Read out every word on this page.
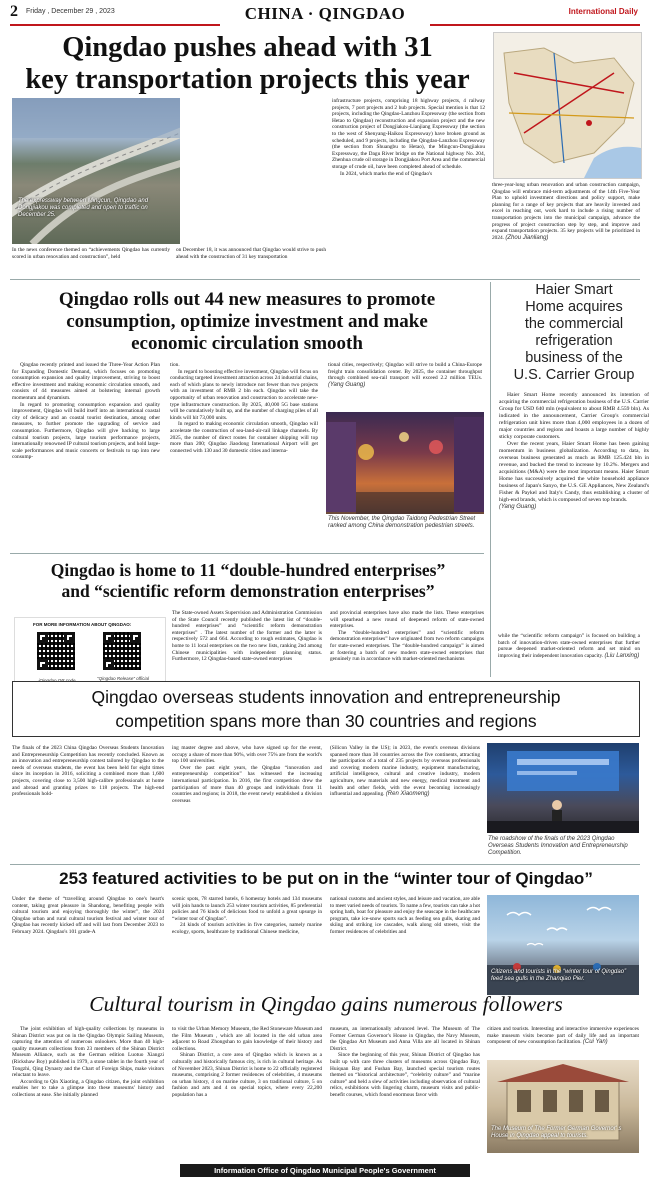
2 Friday , December 29 , 2023	CHINA · QINGDAO	International Daily
Qingdao pushes ahead with 31
key transportation projects this year
The expressway between Mingcun, Qingdao and Dongjiakou was completed and open to traffic on December 25.
In the news conference themed on “achievements Qingdao has currently scored in urban renovation and construction”, held
on December 18, it was announced that Qingdao would strive to push ahead with the construction of 31 key transportation

infrastructure projects, comprising 18 highway projects, 4 railway projects, 7 port projects and 2 hub projects. Special mention is that 12 projects, including the Qingdao-Lanzhou Expressway (the section from Hetao to Qingdao) reconstruction and expansion project and the new construction project of Dongjiakou-Lianjiang Expressway (the section to the west of Shenyang-Haikou Expressway) have broken ground as scheduled, and 9 projects, including the Qingdao-Lanzhou Expressway (the section from Shuangbu to Hetao), the Mingcun-Dongjiakou Expressway, the Dagu River bridge on the National highway No. 204, Zhenhua crude oil storage in Dongjiakou Port Area and the commercial storage of crude oil, have been completed ahead of schedule.

In 2024, which marks the end of Qingdao's

three-year-long urban renovation and urban construction campaign, Qingdao will embrace mid-term adjustments of the 14th Five-Year Plan to uphold investment directions and policy support, make planning for a range of key projects that are heavily invested and excel in reaching out, work hard to include a rising number of transportation projects into the municipal campaign, advance the progress of project construction step by step, and improve and expand transportation projects. 35 key projects will be prioritized in 2024. (Zhou Jianliang)
Qingdao rolls out 44 new measures to promote
consumption, optimize investment and make
economic circulation smooth

Qingdao recently printed and issued the Three-Year Action Plan for Expanding Domestic Demand, which focuses on promoting consumption expansion and quality improvement, striving to boost effective investment and making economic circulation smooth, and consists of 44 measures aimed at bolstering internal growth momentum and dynamism.

In regard to promoting consumption expansion and quality improvement, Qingdao will build itself into an international coastal city of delicacy and an coastal tourist destination, among other measures, to further promote the upgrading of service and consumption. Furthermore, Qingdao will give backing to large cultural tourism projects, large tourism performance projects, internationally renowned IP cultural tourism projects, and hold large-scale performances and music concerts or festivals to tap into new consump-

tion.

In regard to boosting effective investment, Qingdao will focus on conducting targeted investment attraction across 24 industrial chains, each of which plans to newly introduce not fewer than two projects with an investment of RMB 2 bln each. Qingdao will take the opportunity of urban renovation and construction to accelerate new-type infrastructure construction. By 2025, 40,000 5G base stations will be cumulatively built up, and the number of charging piles of all kinds will hit 73,000 units.

In regard to making economic circulation smooth, Qingdao will accelerate the construction of sea-land-air-rail linkage channels. By 2025, the number of direct routes for container shipping will top more than 200; Qingdao Jiaodong International Airport will get connected with 130 and 30 domestic cities and interna-

tional cities, respectively; Qingdao will strive to build a China-Europe freight train consolidation center. By 2025, the container throughput through combined sea-rail transport will exceed 2.2 million TEUs. (Yang Guang)
This November, the Qingdao Taidong Pedestrian Street ranked among China demonstration pedestrian streets.
Haier Smart
Home acquires
the commercial
refrigeration
business of the
U.S. Carrier Group

Haier Smart Home recently announced its intention of acquiring the commercial refrigeration business of the U.S. Carrier Group for USD 640 mln (equivalent to about RMB 4.559 bln). As indicated in the announcement, Carrier Group's commercial refrigeration unit hires more than 4,000 employees in a dozen of major countries and regions and boasts a large number of highly sticky corporate customers.

Over the recent years, Haier Smart Home has been gaining momentum in business globalization. According to data, its overseas business generated as much as RMB 125.424 bln in revenue, and bucked the trend to increase by 10.2%. Mergers and acquisitions (M&A) were the most important means. Haier Smart Home has successively acquired the white household appliance business of Japan's Sanyo, the U.S. GE Appliances, New Zealand's Fisher & Paykel and Italy's Candy, thus establishing a cluster of high-end brands, which is composed of seven top brands.

(Yang Guang)

Qingdao is home to 11 “double-hundred enterprises”
and “scientific reform demonstration enterprises”
FOR MORE INFORMATION ABOUT QINGDAO:
"Qingdao Release" official
The State-owned Assets Supervision and Administration Commission of the State Council recently published the latest list of “double-hundred enterprises” and “scientific reform demonstration enterprises” . The latest number of the former and the latter is respectively 572 and 664. According to rough estimates, Qingdao is home to 11 local enterprises on the two new lists, ranking 2nd among Chinese municipalities with independent planning status. Furthermore, 12 Qingdao-based state-owned enterprises

and provincial enterprises have also made the lists. These enterprises will spearhead a new round of deepened reform of state-owned enterprises.

The “double-hundred enterprises” and “scientific reform demonstration enterprises” have originated from two reform campaigns for state-owned enterprises. The “double-hundred campaign” is aimed at fostering a batch of new modern state-owned enterprises that genuinely run in accordance with market-oriented mechanisms

while the “scientific reform campaign” is focused on building a batch of innovation-driven state-owned enterprises that further pursue deepened market-oriented reform and set mind on improving their independent innovation capacity. (Liu Lanxing)
Qingdao overseas students innovation and entrepreneurship
competition spans more than 30 countries and regions
The finals of the 2023 China Qingdao Overseas Students Innovation and Entrepreneurship Competition has recently concluded. Known as an innovation and entrepreneurship contest tailored by Qingdao to the needs of overseas students, the event has been held for eight times since its inception in 2016, soliciting a combined more than 1,600 projects, covering close to 3,500 high-calibre professionals at home and abroad and granting prizes to 118 projects. The high-end professionals hold-

ing master degree and above, who have signed up for the event, occupy a share of more than 90%, with over 75% are from the world's top 100 universities.

Over the past eight years, the Qingdao “innovation and entrepreneurship competition” has witnessed the increasing international participation. In 2016, the first competition drew the participation of more than 40 groups and individuals from 11 countries and regions; in 2018, the event newly established a division overseas

(Silicon Valley in the US); in 2023, the event's overseas divisions spanned more than 30 countries across the five continents, attracting the participation of a total of 235 projects by overseas professionals and covering modern marine industry, equipment manufacturing, artificial intelligence, cultural and creative industry, modern agriculture, new materials and new energy, medical treatment and health and other fields, with the event becoming increasingly influential and appealing. (Ren Xiaomeng)
The roadshow of the finals of the 2023 Qingdao Overseas Students Innovation and Entrepreneurship Competition.
253 featured activities to be put on in the “winter tour of Qingdao”
Under the theme of “travelling around Qingdao to one's heart's content, taking great pleasure in Shandong, benefiting people with cultural tourism and enjoying thoroughly the winter”, the 2024 Qingdao urban and rural cultural tourism festival and winter tour of Qingdao has recently kicked off and will last from December 2023 to February 2024. Qingdao's 101 grade-A

scenic spots, 78 starred hotels, 6 homestay hotels and 134 museums will join hands to launch 253 winter tourism activities, 85 preferential policies and 76 kinds of delicious food to unfold a great upsurge in “winter tour of Qingdao”.

24 kinds of tourism activities in five categories, namely marine ecology, sports, healthcare by traditional Chinese medicine,

national customs and ancient styles, and leisure and vacation, are able to meet varied needs of tourists. To name a few, tourists can take a hot spring bath, boat for pleasure and enjoy the seascape in the healthcare program, take ice-snow sports such as feeding sea gulls, skating and skiing and striking ice cascades, walk along old streets, visit the former residences of celebrities and
Citizens and tourists in the “winter tour of Qingdao” feed sea gulls in the Zhanqiao Pier.
Cultural tourism in Qingdao gains numerous followers

The joint exhibition of high-quality collections by museums in Shinan District was put on in the Qingdao Olympic Sailing Museum, capturing the attention of numerous onlookers. More than 40 high-quality museum collections from 23 members of the Shinan District Museum Alliance, such as the German edition Luotuo Xiangzi (Rickshaw Boy) published in 1979, a stone tablet in the fourth year of Tongzhi, Qing Dynasty and the Chart of Foreign Ships, make visitors reluctant to leave.

According to Qin Xiaoting, a Qingdao citizen, the joint exhibition enables her to take a glimpse into these museums' history and collections at ease. She initially planned

to visit the Urban Memory Museum, the Red Stoneware Museum and the Film Museum , which are all located in the old urban area adjacent to Road Zhongshan to gain knowledge of their history and collections.

Shinan District, a core area of Qingdao which is known as a culturally and historically famous city, is rich in cultural heritage. As of November 2023, Shinan District is home to 22 officially registered museums, comprising 2 former residences of celebrities, 4 museums on urban history, 4 on marine culture, 3 on traditional culture, 5 on fashion and arts and 4 on special topics, where every 22,200 population has a

museum, an internationally advanced level. The Museum of The Former German Governor's House in Qingdao, the Navy Museum, the Qingdao Art Museum and Anna Villa are all located in Shinan District.

Since the beginning of this year, Shinan District of Qingdao has built up with care three clusters of museums across Qingdao Bay, Huiquan Bay and Fushan Bay, launched special tourism routes themed on “historical architecture”, “celebrity culture” and “marine culture” and held a slew of activities including observation of cultural relics, exhibitions with lingering charm, museum visits and public-benefit courses, which found enormous favor with

citizen and tourists. Interesting and interactive immersive experiences make museum visits become part of daily life and an important component of new consumption facilitation. (Cui Yan)
The Museum of The Former German Governor' s House in Qingdao appeal to tourists.
Information Office of Qingdao Municipal People's Government
